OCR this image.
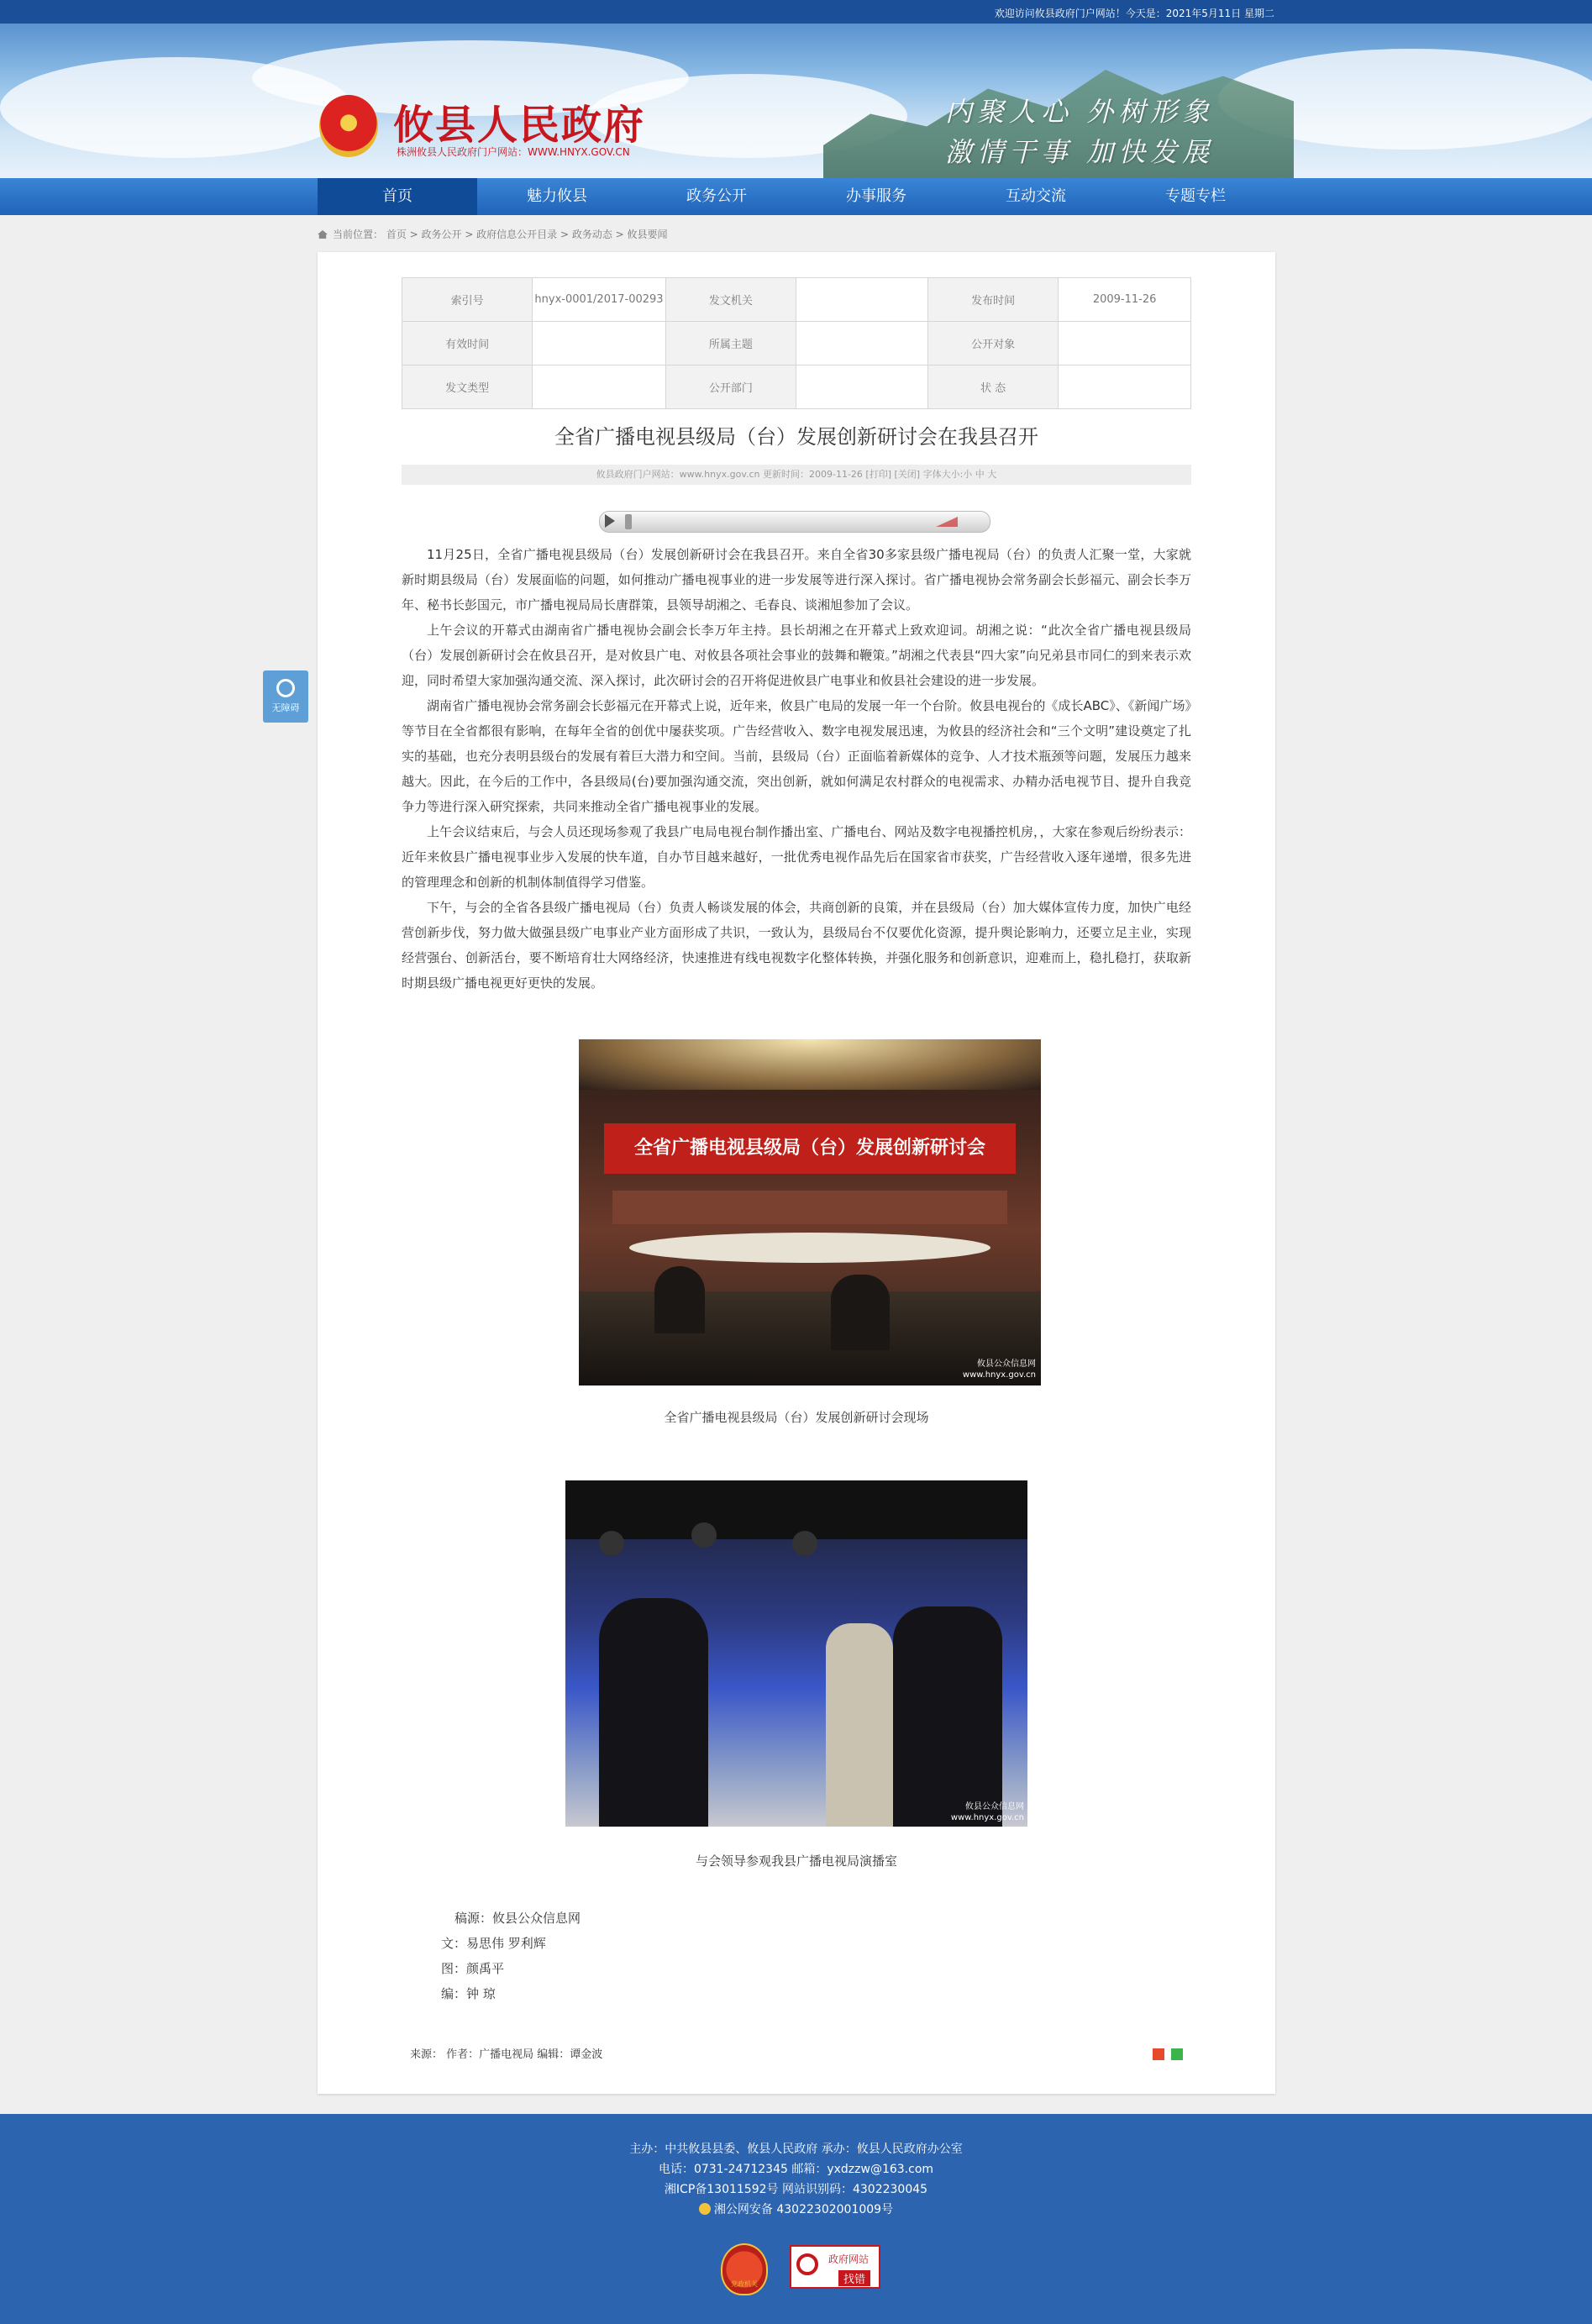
欢迎访问攸县政府门户网站！今天是：2021年5月11日 星期二
攸县人民政府
株洲攸县人民政府门户网站：WWW.HNYX.GOV.CN
内聚人心 外树形象
激情干事 加快发展
首页	魅力攸县	政务公开	办事服务	互动交流	专题专栏
当前位置： 首页 > 政务公开 > 政府信息公开目录 > 政务动态 > 攸县要闻
无障碍
索引号	hnyx-0001/2017-00293	发文机关		发布时间	2009-11-26
有效时间		所属主题		公开对象	
发文类型		公开部门		状 态	
全省广播电视县级局（台）发展创新研讨会在我县召开
攸县政府门户网站：www.hnyx.gov.cn 更新时间：2009-11-26 [打印] [关闭] 字体大小:小 中 大

11月25日，全省广播电视县级局（台）发展创新研讨会在我县召开。来自全省30多家县级广播电视局（台）的负责人汇聚一堂，大家就新时期县级局（台）发展面临的问题，如何推动广播电视事业的进一步发展等进行深入探讨。省广播电视协会常务副会长彭福元、副会长李万年、秘书长彭国元，市广播电视局局长唐群策，县领导胡湘之、毛春良、谈湘旭参加了会议。

上午会议的开幕式由湖南省广播电视协会副会长李万年主持。县长胡湘之在开幕式上致欢迎词。胡湘之说：“此次全省广播电视县级局（台）发展创新研讨会在攸县召开，是对攸县广电、对攸县各项社会事业的鼓舞和鞭策。”胡湘之代表县“四大家”向兄弟县市同仁的到来表示欢迎，同时希望大家加强沟通交流、深入探讨，此次研讨会的召开将促进攸县广电事业和攸县社会建设的进一步发展。

湖南省广播电视协会常务副会长彭福元在开幕式上说，近年来，攸县广电局的发展一年一个台阶。攸县电视台的《成长ABC》、《新闻广场》等节目在全省都很有影响，在每年全省的创优中屡获奖项。广告经营收入、数字电视发展迅速，为攸县的经济社会和“三个文明”建设奠定了扎实的基础，也充分表明县级台的发展有着巨大潜力和空间。当前，县级局（台）正面临着新媒体的竞争、人才技术瓶颈等问题，发展压力越来越大。因此，在今后的工作中，各县级局(台)要加强沟通交流，突出创新，就如何满足农村群众的电视需求、办精办活电视节目、提升自我竞争力等进行深入研究探索，共同来推动全省广播电视事业的发展。

上午会议结束后，与会人员还现场参观了我县广电局电视台制作播出室、广播电台、网站及数字电视播控机房，，大家在参观后纷纷表示：近年来攸县广播电视事业步入发展的快车道，自办节目越来越好，一批优秀电视作品先后在国家省市获奖，广告经营收入逐年递增，很多先进的管理理念和创新的机制体制值得学习借鉴。

下午，与会的全省各县级广播电视局（台）负责人畅谈发展的体会，共商创新的良策，并在县级局（台）加大媒体宣传力度，加快广电经营创新步伐，努力做大做强县级广电事业产业方面形成了共识，一致认为，县级局台不仅要优化资源，提升舆论影响力，还要立足主业，实现经营强台、创新活台，要不断培育壮大网络经济，快速推进有线电视数字化整体转换，并强化服务和创新意识，迎难而上，稳扎稳打，获取新时期县级广播电视更好更快的发展。

全省广播电视县级局（台）发展创新研讨会
攸县公众信息网 www.hnyx.gov.cn
全省广播电视县级局（台）发展创新研讨会现场
攸县公众信息网 www.hnyx.gov.cn
与会领导参观我县广播电视局演播室
稿源：攸县公众信息网
文：易思伟 罗利辉
图：颜禹平
编：钟 琼
来源： 作者：广播电视局 编辑：谭金波
主办：中共攸县县委、攸县人民政府 承办：攸县人民政府办公室
电话：0731-24712345 邮箱：yxdzzw@163.com
湘ICP备13011592号 网站识别码：4302230045
湘公网安备 43022302001009号
党政机关
政府网站
找错
